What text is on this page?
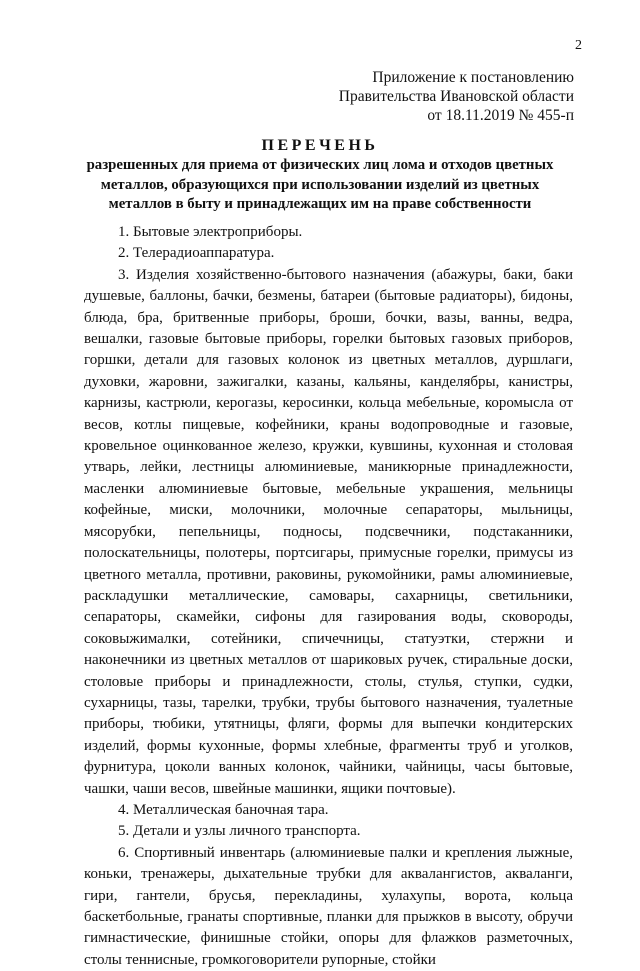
2
Приложение к постановлению
Правительства Ивановской области
от 18.11.2019 № 455-п
ПЕРЕЧЕНЬ
разрешенных для приема от физических лиц лома и отходов цветных
металлов, образующихся при использовании изделий из цветных
металлов в быту и принадлежащих им на праве собственности
1. Бытовые электроприборы.
2. Телерадиоаппаратура.
3. Изделия хозяйственно-бытового назначения (абажуры, баки, баки душевые, баллоны, бачки, безмены, батареи (бытовые радиаторы), бидоны, блюда, бра, бритвенные приборы, броши, бочки, вазы, ванны, ведра, вешалки, газовые бытовые приборы, горелки бытовых газовых приборов, горшки, детали для газовых колонок из цветных металлов, дуршлаги, духовки, жаровни, зажигалки, казаны, кальяны, канделябры, канистры, карнизы, кастрюли, керогазы, керосинки, кольца мебельные, коромысла от весов, котлы пищевые, кофейники, краны водопроводные и газовые, кровельное оцинкованное железо, кружки, кувшины, кухонная и столовая утварь, лейки, лестницы алюминиевые, маникюрные принадлежности, масленки алюминиевые бытовые, мебельные украшения, мельницы кофейные, миски, молочники, молочные сепараторы, мыльницы, мясорубки, пепельницы, подносы, подсвечники, подстаканники, полоскательницы, полотеры, портсигары, примусные горелки, примусы из цветного металла, противни, раковины, рукомойники, рамы алюминиевые, раскладушки металлические, самовары, сахарницы, светильники, сепараторы, скамейки, сифоны для газирования воды, сковороды, соковыжималки, сотейники, спичечницы, статуэтки, стержни и наконечники из цветных металлов от шариковых ручек, стиральные доски, столовые приборы и принадлежности, столы, стулья, ступки, судки, сухарницы, тазы, тарелки, трубки, трубы бытового назначения, туалетные приборы, тюбики, утятницы, фляги, формы для выпечки кондитерских изделий, формы кухонные, формы хлебные, фрагменты труб и уголков, фурнитура, цоколи ванных колонок, чайники, чайницы, часы бытовые, чашки, чаши весов, швейные машинки, ящики почтовые).
4. Металлическая баночная тара.
5. Детали и узлы личного транспорта.
6. Спортивный инвентарь (алюминиевые палки и крепления лыжные, коньки, тренажеры, дыхательные трубки для аквалангистов, акваланги, гири, гантели, брусья, перекладины, хулахупы, ворота, кольца баскетбольные, гранаты спортивные, планки для прыжков в высоту, обручи гимнастические, финишные стойки, опоры для флажков разметочных, столы теннисные, громкоговорители рупорные, стойки
